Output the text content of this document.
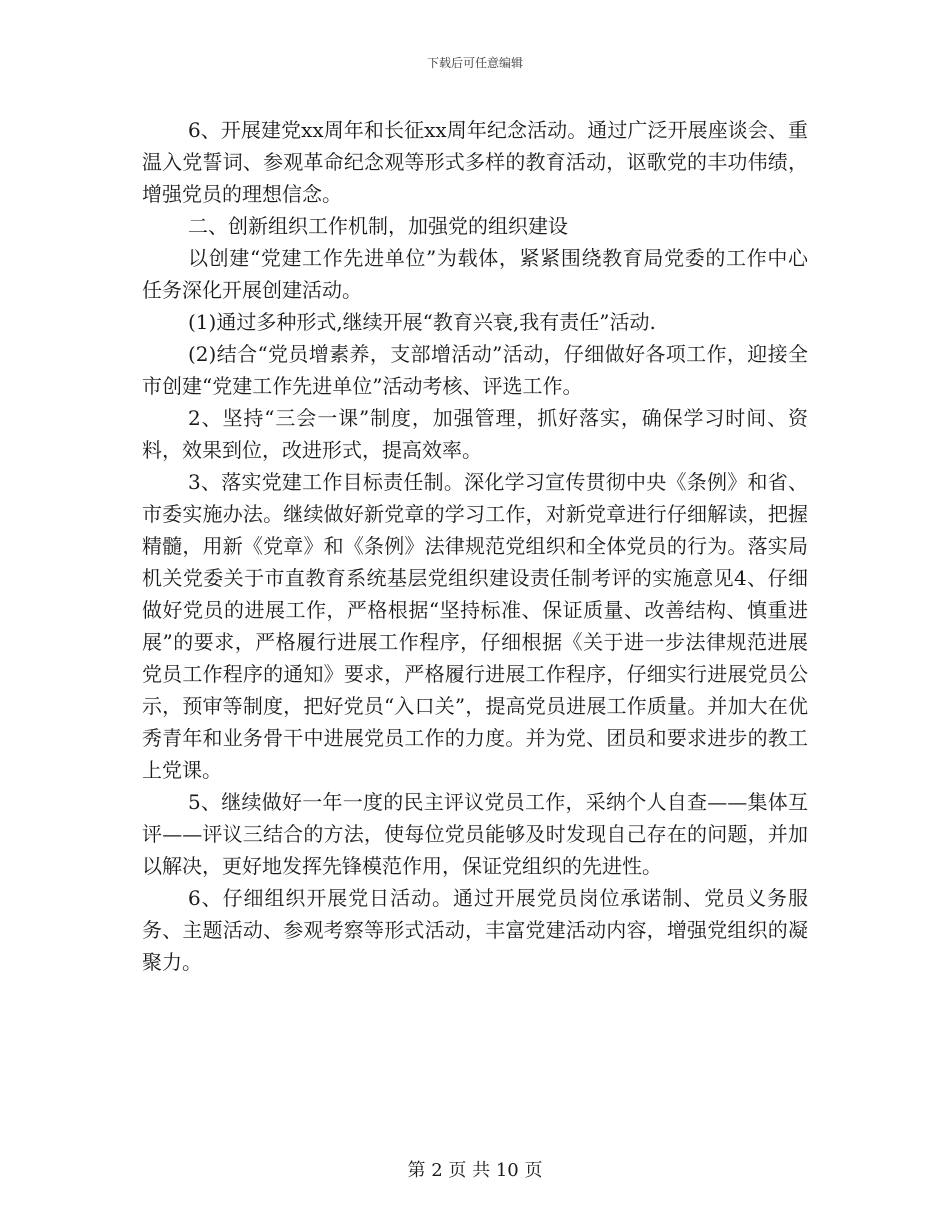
下载后可任意编辑

6、开展建党xx周年和长征xx周年纪念活动。通过广泛开展座谈会、重温入党誓词、参观革命纪念观等形式多样的教育活动，讴歌党的丰功伟绩，增强党员的理想信念。

二、创新组织工作机制，加强党的组织建设

以创建“党建工作先进单位”为载体，紧紧围绕教育局党委的工作中心任务深化开展创建活动。

(1)通过多种形式,继续开展“教育兴衰,我有责任”活动.

(2)结合“党员增素养，支部增活动”活动，仔细做好各项工作，迎接全市创建“党建工作先进单位”活动考核、评选工作。

2、坚持“三会一课”制度，加强管理，抓好落实，确保学习时间、资料，效果到位，改进形式，提高效率。

3、落实党建工作目标责任制。深化学习宣传贯彻中央《条例》和省、市委实施办法。继续做好新党章的学习工作，对新党章进行仔细解读，把握精髓，用新《党章》和《条例》法律规范党组织和全体党员的行为。落实局机关党委关于市直教育系统基层党组织建设责任制考评的实施意见4、仔细做好党员的进展工作，严格根据“坚持标准、保证质量、改善结构、慎重进展”的要求，严格履行进展工作程序，仔细根据《关于进一步法律规范进展党员工作程序的通知》要求，严格履行进展工作程序，仔细实行进展党员公示，预审等制度，把好党员“入口关”，提高党员进展工作质量。并加大在优秀青年和业务骨干中进展党员工作的力度。并为党、团员和要求进步的教工上党课。

5、继续做好一年一度的民主评议党员工作，采纳个人自查——集体互评——评议三结合的方法，使每位党员能够及时发现自己存在的问题，并加以解决，更好地发挥先锋模范作用，保证党组织的先进性。

6、仔细组织开展党日活动。通过开展党员岗位承诺制、党员义务服务、主题活动、参观考察等形式活动，丰富党建活动内容，增强党组织的凝聚力。

第 2 页 共 10 页
